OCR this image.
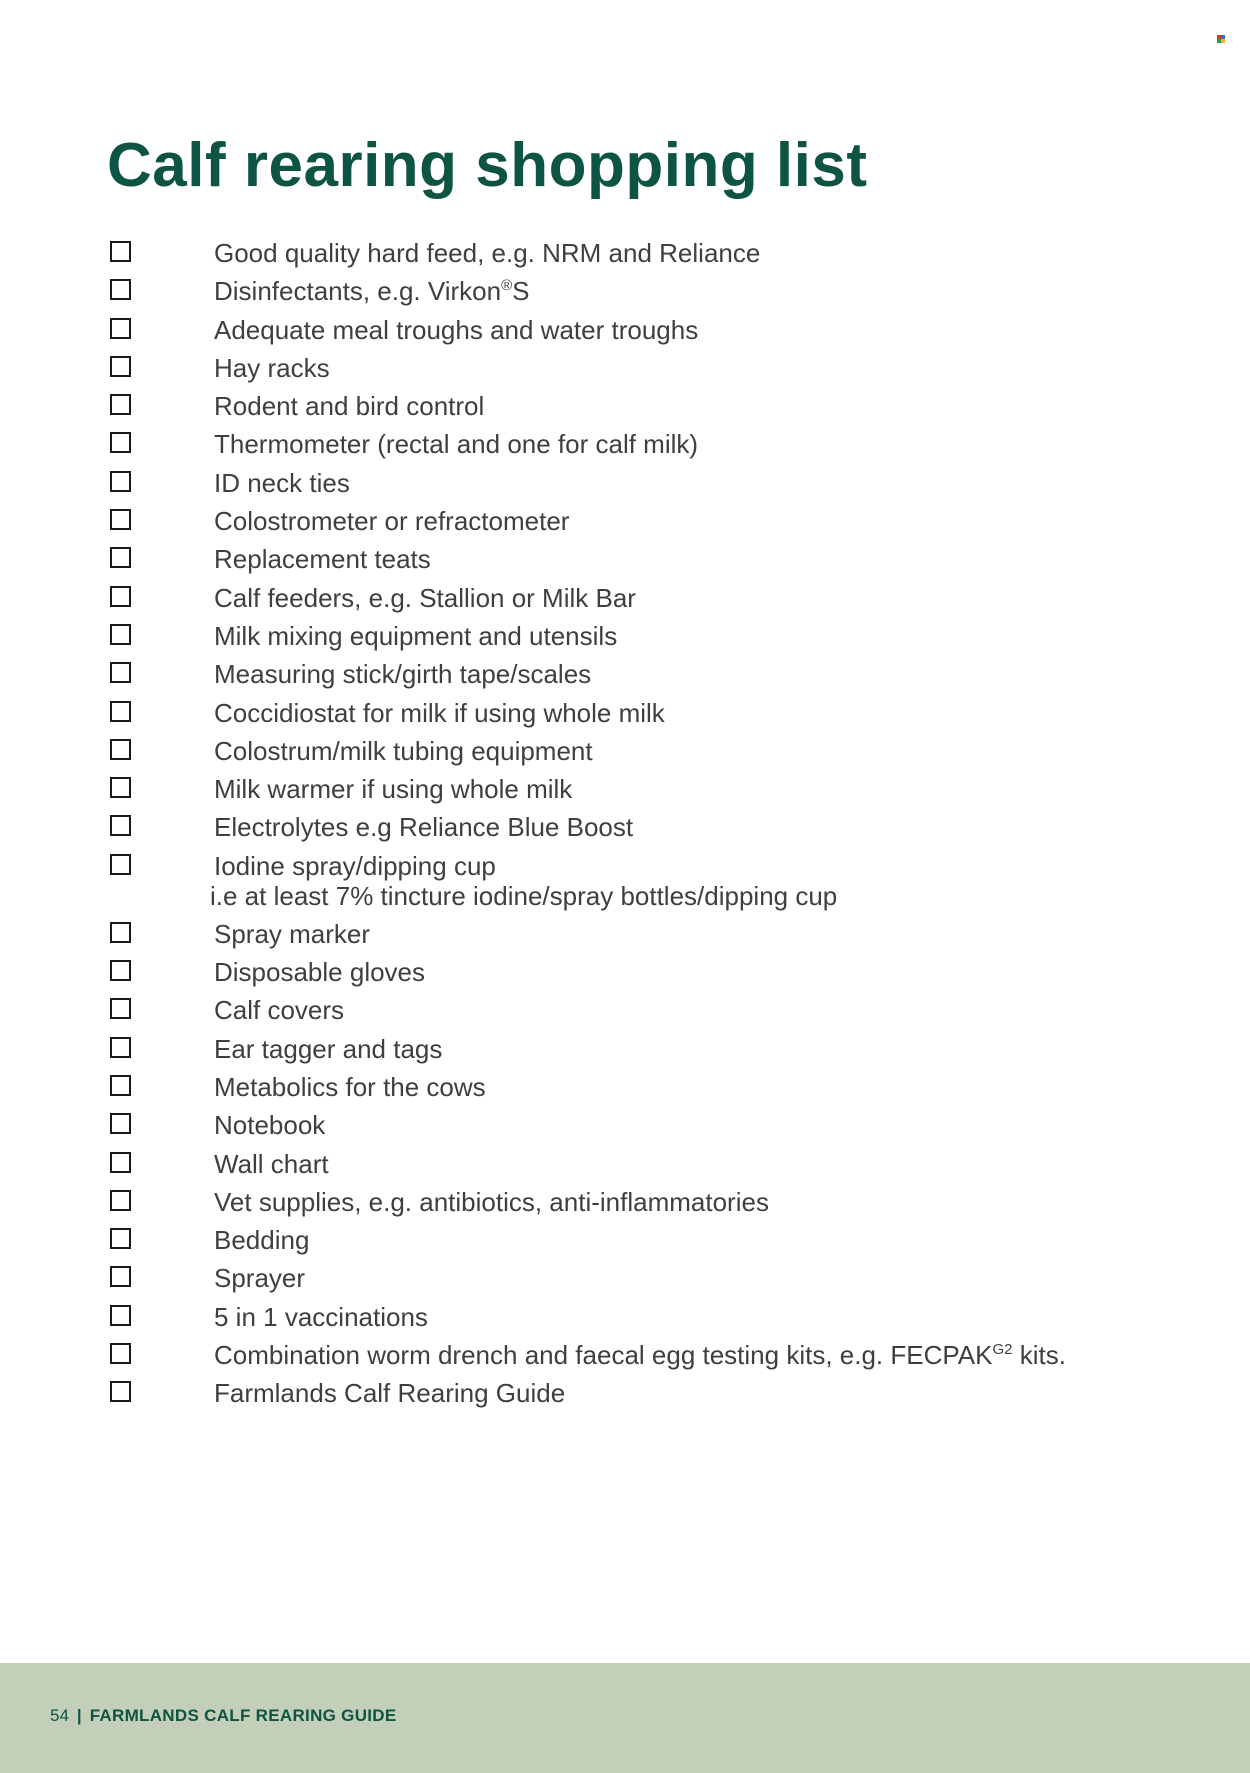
Calf rearing shopping list
Good quality hard feed, e.g. NRM and Reliance
Disinfectants, e.g. Virkon®S
Adequate meal troughs and water troughs
Hay racks
Rodent and bird control
Thermometer (rectal and one for calf milk)
ID neck ties
Colostrometer or refractometer
Replacement teats
Calf feeders, e.g. Stallion or Milk Bar
Milk mixing equipment and utensils
Measuring stick/girth tape/scales
Coccidiostat for milk if using whole milk
Colostrum/milk tubing equipment
Milk warmer if using whole milk
Electrolytes e.g Reliance Blue Boost
Iodine spray/dipping cup
i.e at least 7% tincture iodine/spray bottles/dipping cup
Spray marker
Disposable gloves
Calf covers
Ear tagger and tags
Metabolics for the cows
Notebook
Wall chart
Vet supplies, e.g. antibiotics, anti-inflammatories
Bedding
Sprayer
5 in 1 vaccinations
Combination worm drench and faecal egg testing kits, e.g. $FECPAK^{G2}$ kits.
Farmlands Calf Rearing Guide
54 | FARMLANDS CALF REARING GUIDE
